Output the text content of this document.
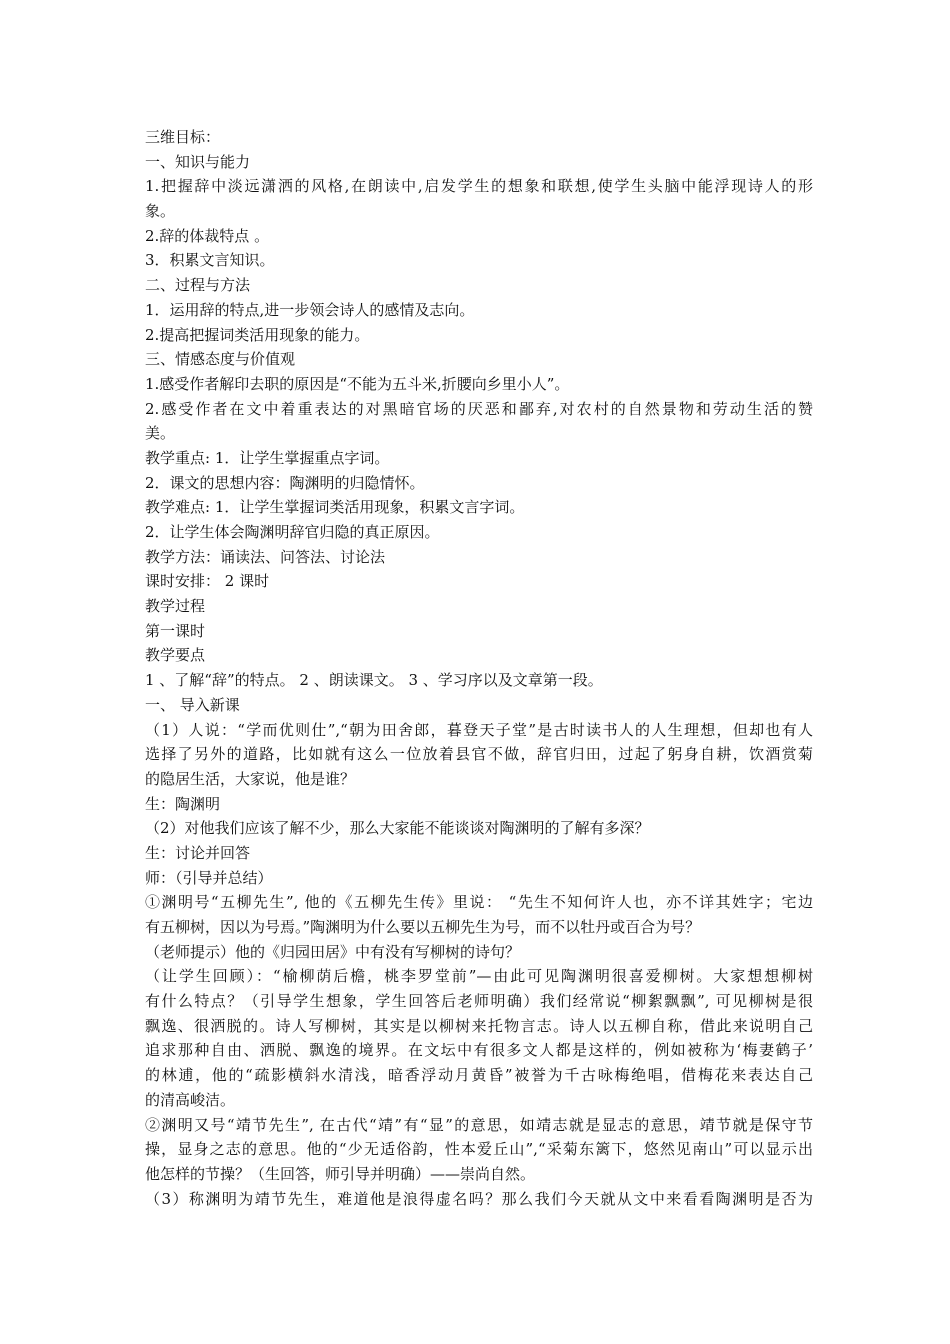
三维目标：
一、知识与能力
1.把握辞中淡远潇洒的风格,在朗读中,启发学生的想象和联想,使学生头脑中能浮现诗人的形
象。
2.辞的体裁特点 。
3．积累文言知识。
二、过程与方法
1．运用辞的特点,进一步领会诗人的感情及志向。
2.提高把握词类活用现象的能力。
三、情感态度与价值观
1.感受作者解印去职的原因是“不能为五斗米,折腰向乡里小人”。
2.感受作者在文中着重表达的对黑暗官场的厌恶和鄙弃,对农村的自然景物和劳动生活的赞
美。
教学重点: 1．让学生掌握重点字词。
2．课文的思想内容：陶渊明的归隐情怀。
教学难点: 1．让学生掌握词类活用现象，积累文言字词。
2．让学生体会陶渊明辞官归隐的真正原因。
教学方法：诵读法、问答法、讨论法
课时安排： 2 课时
教学过程
第一课时
教学要点
1 、了解“辞”的特点。 2 、朗读课文。 3 、学习序以及文章第一段。
一、 导入新课
（1）人说：“学而优则仕”,“朝为田舍郎，暮登天子堂”是古时读书人的人生理想，但却也有人
选择了另外的道路，比如就有这么一位放着县官不做，辞官归田，过起了躬身自耕，饮酒赏菊
的隐居生活，大家说，他是谁？
生：陶渊明
（2）对他我们应该了解不少，那么大家能不能谈谈对陶渊明的了解有多深？
生：讨论并回答
师：（引导并总结）
①渊明号“五柳先生”, 他的《五柳先生传》里说： “先生不知何许人也，亦不详其姓字；宅边
有五柳树，因以为号焉。”陶渊明为什么要以五柳先生为号，而不以牡丹或百合为号？
（老师提示）他的《归园田居》中有没有写柳树的诗句？
（让学生回顾）：“榆柳荫后檐，桃李罗堂前”—由此可见陶渊明很喜爱柳树。大家想想柳树
有什么特点？（引导学生想象，学生回答后老师明确）我们经常说“柳絮飘飘”, 可见柳树是很
飘逸、很洒脱的。诗人写柳树，其实是以柳树来托物言志。诗人以五柳自称，借此来说明自己
追求那种自由、洒脱、飘逸的境界。在文坛中有很多文人都是这样的，例如被称为‘梅妻鹤子’
的林逋，他的“疏影横斜水清浅，暗香浮动月黄昏”被誉为千古咏梅绝唱，借梅花来表达自己
的清高峻洁。
②渊明又号“靖节先生”, 在古代“靖”有“显”的意思，如靖志就是显志的意思，靖节就是保守节
操，显身之志的意思。他的“少无适俗韵，性本爱丘山”,“采菊东篱下，悠然见南山”可以显示出
他怎样的节操？（生回答，师引导并明确）——崇尚自然。
（3）称渊明为靖节先生，难道他是浪得虚名吗？那么我们今天就从文中来看看陶渊明是否为
